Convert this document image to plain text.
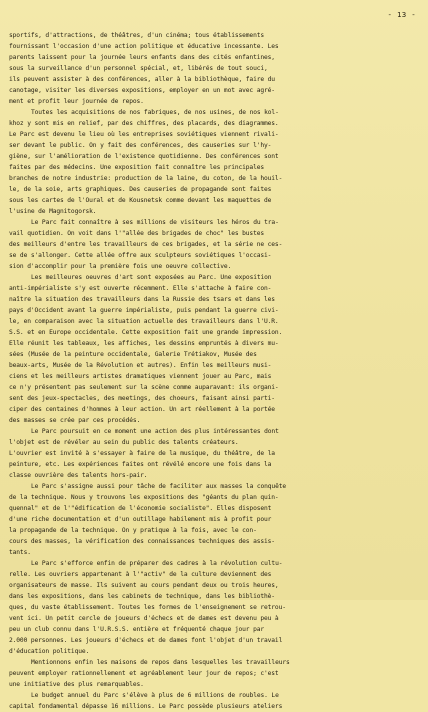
- 13 -
sportifs, d'attractions, de théâtres, d'un cinéma; tous établissements
fournissant l'occasion d'une action politique et éducative incessante. Les
parents laissent pour la journée leurs enfants dans des cités enfantines,
sous la surveillance d'un personnel spécial, et, libérés de tout souci,
ils peuvent assister à des conférences, aller à la bibliothèque, faire du
canotage, visiter les diverses expositions, employer en un mot avec agré-
ment et profit leur journée de repos.
Toutes les acquisitions de nos fabriques, de nos usines, de nos kol-
khoz y sont mis en relief, par des chiffres, des placards, des diagrammes.
Le Parc est devenu le lieu où les entreprises soviétiques viennent rivali-
ser devant le public. On y fait des conférences, des causeries sur l'hy-
giène, sur l'amélioration de l'existence quotidienne. Des conférences sont
faites par des médecins. Une exposition fait connaître les principales
branches de notre industrie: production de la laine, du coton, de la houil-
le, de la soie, arts graphiques. Des causeries de propagande sont faites
sous les cartes de l'Oural et de Kousnetsk comme devant les maquettes de
l'usine de Magnitogorsk.
Le Parc fait connaître à ses millions de visiteurs les héros du tra-
vail quotidien. On voit dans l'"allée des brigades de choc" les bustes
des meilleurs d'entre les travailleurs de ces brigades, et la série ne ces-
se de s'allonger. Cette allée offre aux sculpteurs soviétiques l'occasi-
sion d'accomplir pour la première fois une oeuvre collective.
Les meilleures oeuvres d'art sont exposées au Parc. Une exposition
anti-impérialiste s'y est ouverte récemment. Elle s'attache à faire con-
naître la situation des travailleurs dans la Russie des tsars et dans les
pays d'Occident avant la guerre impérialiste, puis pendant la guerre civi-
le, en comparaison avec la situation actuelle des travailleurs dans l'U.R.
S.S. et en Europe occidentale. Cette exposition fait une grande impression.
Elle réunit les tableaux, les affiches, les dessins empruntés à divers mu-
sées (Musée de la peinture occidentale, Galerie Trétiakov, Musée des
beaux-arts, Musée de la Révolution et autres). Enfin les meilleurs musi-
ciens et les meilleurs artistes dramatiques viennent jouer au Parc, mais
ce n'y présentent pas seulement sur la scène comme auparavant: ils organi-
sent des jeux-spectacles, des meetings, des choeurs, faisant ainsi parti-
ciper des centaines d'hommes à leur action. Un art réellement à la portée
des masses se crée par ces procédés.
Le Parc poursuit en ce moment une action des plus intéressantes dont
l'objet est de révéler au sein du public des talents créateurs.
L'ouvrier est invité à s'essayer à faire de la musique, du théâtre, de la
peinture, etc. Les expériences faites ont révélé encore une fois dans la
classe ouvrière des talents hors-pair.
Le Parc s'assigne aussi pour tâche de faciliter aux masses la conquête
de la technique. Nous y trouvons les expositions des "géants du plan quin-
quennal" et de l'"édification de l'économie socialiste". Elles disposent
d'une riche documentation et d'un outillage habilement mis à profit pour
la propagande de la technique. On y pratique à la fois, avec le con-
cours des masses, la vérification des connaissances techniques des assis-
tants.
Le Parc s'efforce enfin de préparer des cadres à la révolution cultu-
relle. Les ouvriers appartenant à l'"activ" de la culture deviennent des
organisateurs de masse. Ils suivent au cours pendant deux ou trois heures,
dans les expositions, dans les cabinets de technique, dans les bibliothè-
ques, du vaste établissement. Toutes les formes de l'enseignement se retrou-
vent ici. Un petit cercle de joueurs d'échecs et de dames est devenu peu à
peu un club connu dans l'U.R.S.S. entière et fréquenté chaque jour par
2.000 personnes. Les joueurs d'échecs et de dames font l'objet d'un travail
d'éducation politique.
Mentionnons enfin les maisons de repos dans lesquelles les travailleurs
peuvent employer rationnellement et agréablement leur jour de repos; c'est
une initiative des plus remarquables.
Le budget annuel du Parc s'élève à plus de 6 millions de roubles. Le
capital fondamental dépasse 16 millions. Le Parc possède plusieurs ateliers
